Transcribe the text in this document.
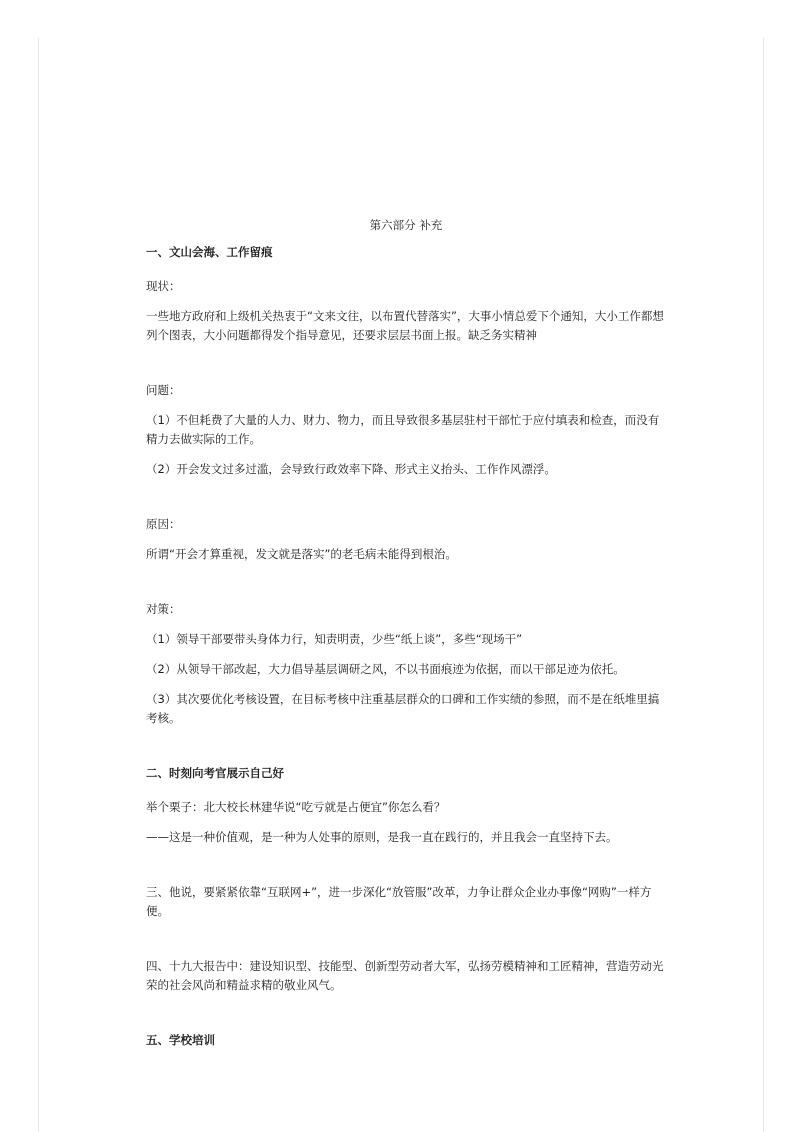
第六部分 补充
一、文山会海、工作留痕
现状：
一些地方政府和上级机关热衷于“文来文往，以布置代替落实”，大事小情总爱下个通知，大小工作都想列个图表，大小问题都得发个指导意见，还要求层层书面上报。缺乏务实精神
问题：
（1）不但耗费了大量的人力、财力、物力，而且导致很多基层驻村干部忙于应付填表和检查，而没有精力去做实际的工作。
（2）开会发文过多过滥，会导致行政效率下降、形式主义抬头、工作作风漂浮。
原因：
所谓“开会才算重视，发文就是落实”的老毛病未能得到根治。
对策：
（1）领导干部要带头身体力行，知责明责，少些“纸上谈”，多些“现场干”
（2）从领导干部改起，大力倡导基层调研之风，不以书面痕迹为依据，而以干部足迹为依托。
（3）其次要优化考核设置，在目标考核中注重基层群众的口碑和工作实绩的参照，而不是在纸堆里搞考核。
二、时刻向考官展示自己好
举个栗子：北大校长林建华说“吃亏就是占便宜”你怎么看？
——这是一种价值观，是一种为人处事的原则，是我一直在践行的，并且我会一直坚持下去。
三、他说，要紧紧依靠“互联网+”，进一步深化“放管服”改革，力争让群众企业办事像“网购”一样方便。
四、十九大报告中：建设知识型、技能型、创新型劳动者大军，弘扬劳模精神和工匠精神，营造劳动光荣的社会风尚和精益求精的敬业风气。
五、学校培训
